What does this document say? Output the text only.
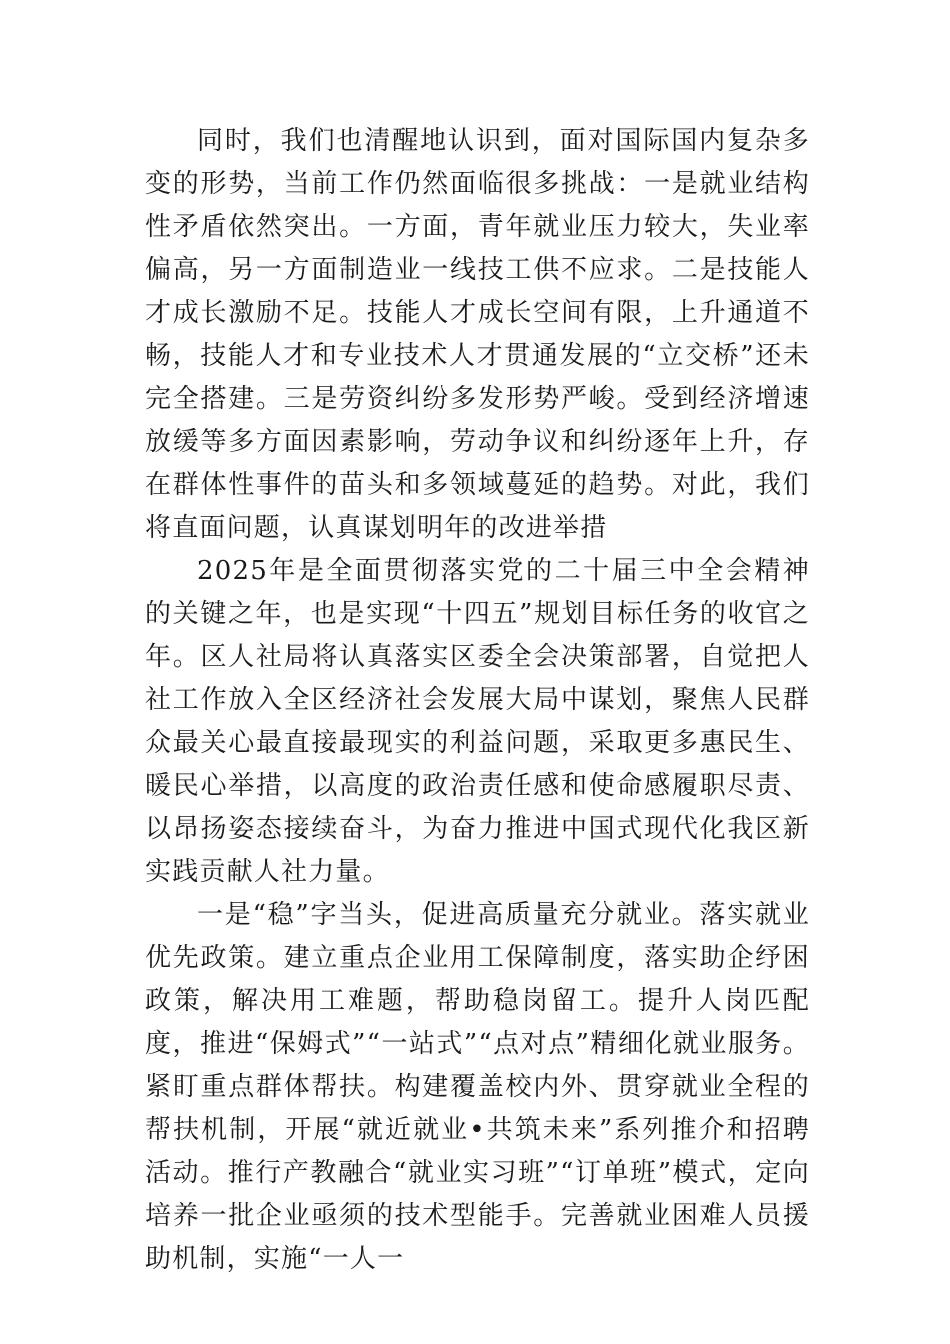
同时，我们也清醒地认识到，面对国际国内复杂多变的形势，当前工作仍然面临很多挑战：一是就业结构性矛盾依然突出。一方面，青年就业压力较大，失业率偏高，另一方面制造业一线技工供不应求。二是技能人才成长激励不足。技能人才成长空间有限，上升通道不畅，技能人才和专业技术人才贯通发展的“立交桥”还未完全搭建。三是劳资纠纷多发形势严峻。受到经济增速放缓等多方面因素影响，劳动争议和纠纷逐年上升，存在群体性事件的苗头和多领域蔓延的趋势。对此，我们将直面问题，认真谋划明年的改进举措

2025年是全面贯彻落实党的二十届三中全会精神的关键之年，也是实现“十四五”规划目标任务的收官之年。区人社局将认真落实区委全会决策部署，自觉把人社工作放入全区经济社会发展大局中谋划，聚焦人民群众最关心最直接最现实的利益问题，采取更多惠民生、暖民心举措，以高度的政治责任感和使命感履职尽责、以昂扬姿态接续奋斗，为奋力推进中国式现代化我区新实践贡献人社力量。

一是“稳”字当头，促进高质量充分就业。落实就业优先政策。建立重点企业用工保障制度，落实助企纾困政策，解决用工难题，帮助稳岗留工。提升人岗匹配度，推进“保姆式”“一站式”“点对点”精细化就业服务。紧盯重点群体帮扶。构建覆盖校内外、贯穿就业全程的帮扶机制，开展“就近就业•共筑未来”系列推介和招聘活动。推行产教融合“就业实习班”“订单班”模式，定向培养一批企业亟须的技术型能手。完善就业困难人员援助机制，实施“一人一
